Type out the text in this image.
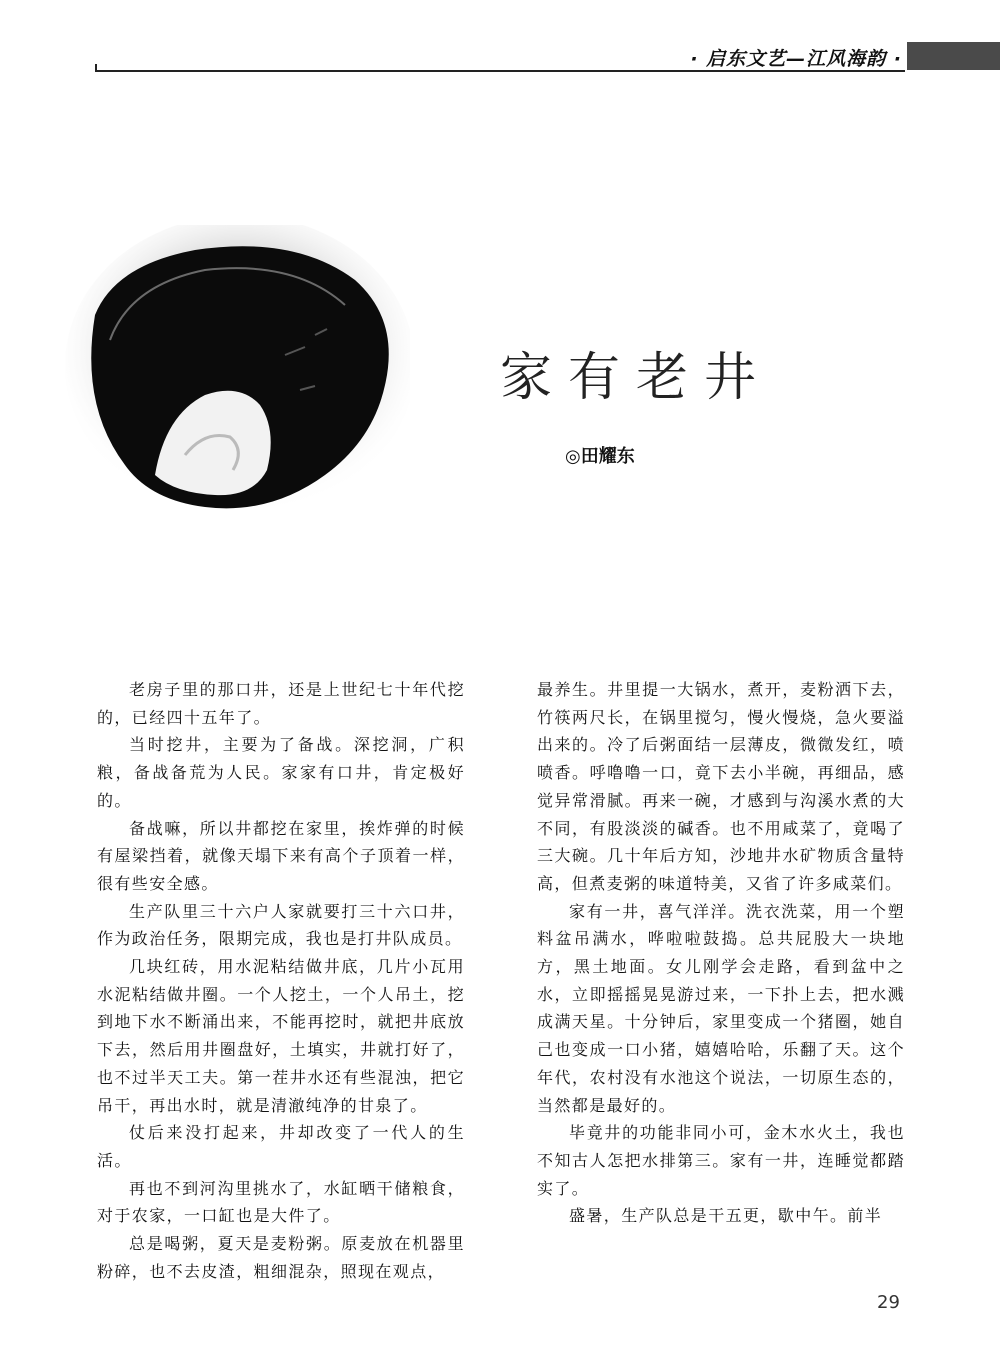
· 启东文艺—江风海韵 ·
家有老井
◎田耀东

老房子里的那口井，还是上世纪七十年代挖的，已经四十五年了。

当时挖井，主要为了备战。深挖洞，广积粮，备战备荒为人民。家家有口井，肯定极好的。

备战嘛，所以井都挖在家里，挨炸弹的时候有屋梁挡着，就像天塌下来有高个子顶着一样，很有些安全感。

生产队里三十六户人家就要打三十六口井，作为政治任务，限期完成，我也是打井队成员。

几块红砖，用水泥粘结做井底，几片小瓦用水泥粘结做井圈。一个人挖土，一个人吊土，挖到地下水不断涌出来，不能再挖时，就把井底放下去，然后用井圈盘好，土填实，井就打好了，也不过半天工夫。第一茬井水还有些混浊，把它吊干，再出水时，就是清澈纯净的甘泉了。

仗后来没打起来，井却改变了一代人的生活。

再也不到河沟里挑水了，水缸晒干储粮食，对于农家，一口缸也是大件了。

总是喝粥，夏天是麦粉粥。原麦放在机器里粉碎，也不去皮渣，粗细混杂，照现在观点，

最养生。井里提一大锅水，煮开，麦粉洒下去，竹筷两尺长，在锅里搅匀，慢火慢烧，急火要溢出来的。冷了后粥面结一层薄皮，微微发红，喷喷香。呼噜噜一口，竟下去小半碗，再细品，感觉异常滑腻。再来一碗，才感到与沟溪水煮的大不同，有股淡淡的碱香。也不用咸菜了，竟喝了三大碗。几十年后方知，沙地井水矿物质含量特高，但煮麦粥的味道特美，又省了许多咸菜们。

家有一井，喜气洋洋。洗衣洗菜，用一个塑料盆吊满水，哗啦啦鼓捣。总共屁股大一块地方，黑土地面。女儿刚学会走路，看到盆中之水，立即摇摇晃晃游过来，一下扑上去，把水溅成满天星。十分钟后，家里变成一个猪圈，她自己也变成一口小猪，嬉嬉哈哈，乐翻了天。这个年代，农村没有水池这个说法，一切原生态的，当然都是最好的。

毕竟井的功能非同小可，金木水火土，我也不知古人怎把水排第三。家有一井，连睡觉都踏实了。

盛暑，生产队总是干五更，歇中午。前半

29
